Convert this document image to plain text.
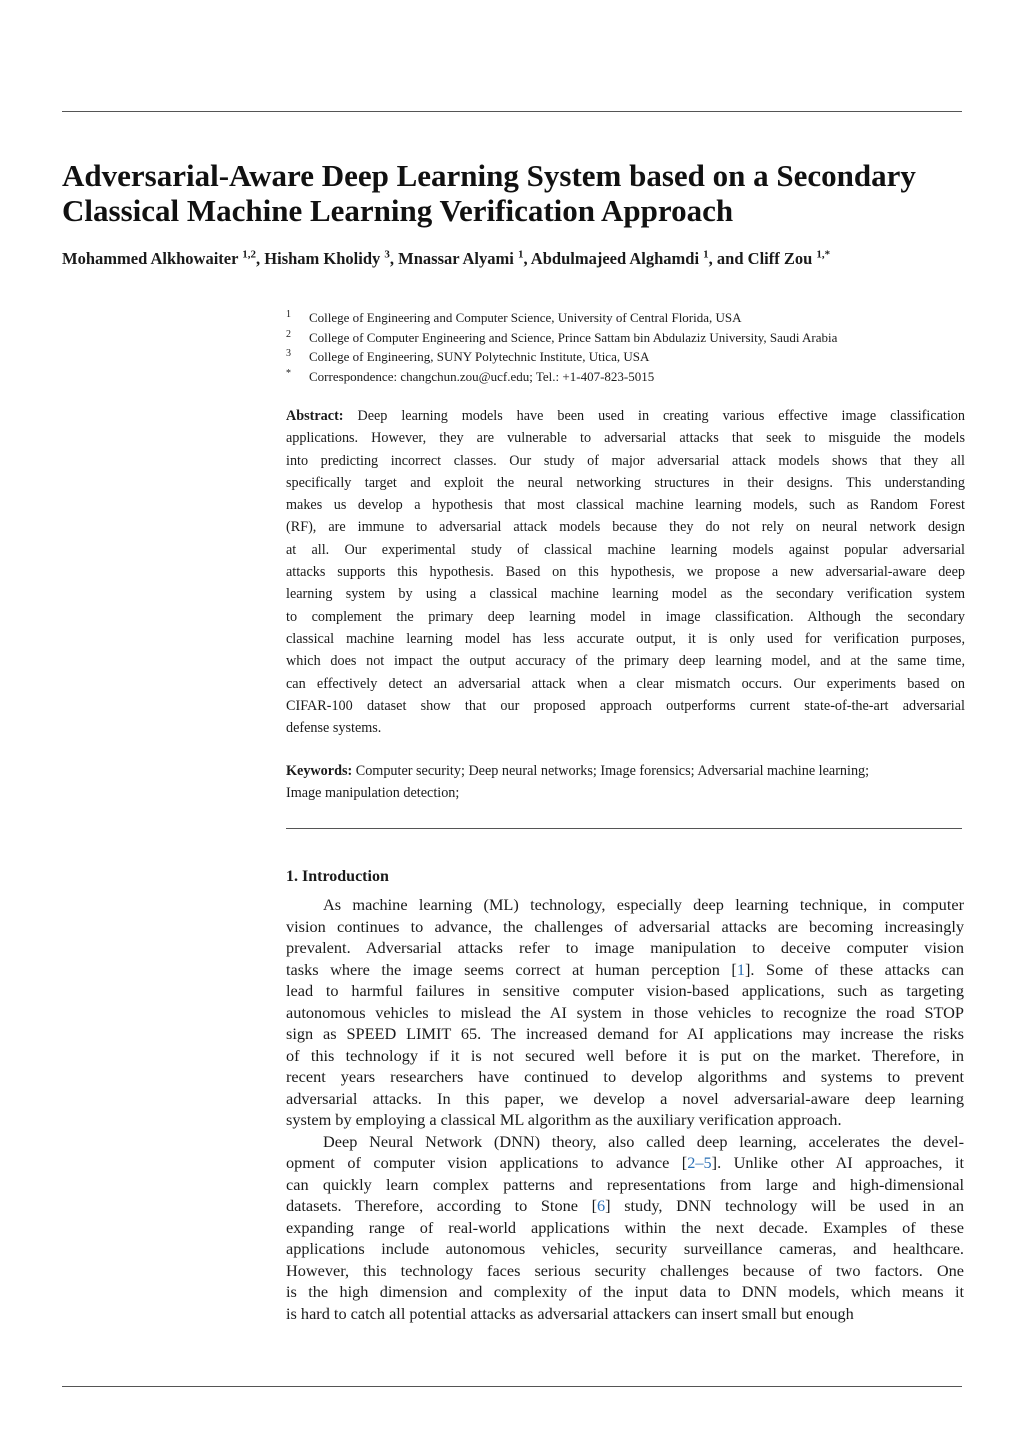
Adversarial-Aware Deep Learning System based on a Secondary
Classical Machine Learning Verification Approach
Mohammed Alkhowaiter $^{1,2}$, Hisham Kholidy $^3$, Mnassar Alyami $^1$, Abdulmajeed Alghamdi $^1$, and Cliff Zou $^{1,*}$
1	College of Engineering and Computer Science, University of Central Florida, USA
2	College of Computer Engineering and Science, Prince Sattam bin Abdulaziz University, Saudi Arabia
3	College of Engineering, SUNY Polytechnic Institute, Utica, USA
*	Correspondence: changchun.zou@ucf.edu; Tel.: +1-407-823-5015
Abstract: Deep learning models have been used in creating various effective image classification
applications. However, they are vulnerable to adversarial attacks that seek to misguide the models
into predicting incorrect classes. Our study of major adversarial attack models shows that they all
specifically target and exploit the neural networking structures in their designs. This understanding
makes us develop a hypothesis that most classical machine learning models, such as Random Forest
(RF), are immune to adversarial attack models because they do not rely on neural network design
at all. Our experimental study of classical machine learning models against popular adversarial
attacks supports this hypothesis. Based on this hypothesis, we propose a new adversarial-aware deep
learning system by using a classical machine learning model as the secondary verification system
to complement the primary deep learning model in image classification. Although the secondary
classical machine learning model has less accurate output, it is only used for verification purposes,
which does not impact the output accuracy of the primary deep learning model, and at the same time,
can effectively detect an adversarial attack when a clear mismatch occurs. Our experiments based on
CIFAR-100 dataset show that our proposed approach outperforms current state-of-the-art adversarial
defense systems.
Keywords: Computer security; Deep neural networks; Image forensics; Adversarial machine learning;
Image manipulation detection;
1. Introduction
As machine learning (ML) technology, especially deep learning technique, in computer
vision continues to advance, the challenges of adversarial attacks are becoming increasingly
prevalent. Adversarial attacks refer to image manipulation to deceive computer vision
tasks where the image seems correct at human perception [1]. Some of these attacks can
lead to harmful failures in sensitive computer vision-based applications, such as targeting
autonomous vehicles to mislead the AI system in those vehicles to recognize the road STOP
sign as SPEED LIMIT 65. The increased demand for AI applications may increase the risks
of this technology if it is not secured well before it is put on the market. Therefore, in
recent years researchers have continued to develop algorithms and systems to prevent
adversarial attacks. In this paper, we develop a novel adversarial-aware deep learning
system by employing a classical ML algorithm as the auxiliary verification approach.
Deep Neural Network (DNN) theory, also called deep learning, accelerates the devel-
opment of computer vision applications to advance [2–5]. Unlike other AI approaches, it
can quickly learn complex patterns and representations from large and high-dimensional
datasets. Therefore, according to Stone [6] study, DNN technology will be used in an
expanding range of real-world applications within the next decade. Examples of these
applications include autonomous vehicles, security surveillance cameras, and healthcare.
However, this technology faces serious security challenges because of two factors. One
is the high dimension and complexity of the input data to DNN models, which means it
is hard to catch all potential attacks as adversarial attackers can insert small but enough
